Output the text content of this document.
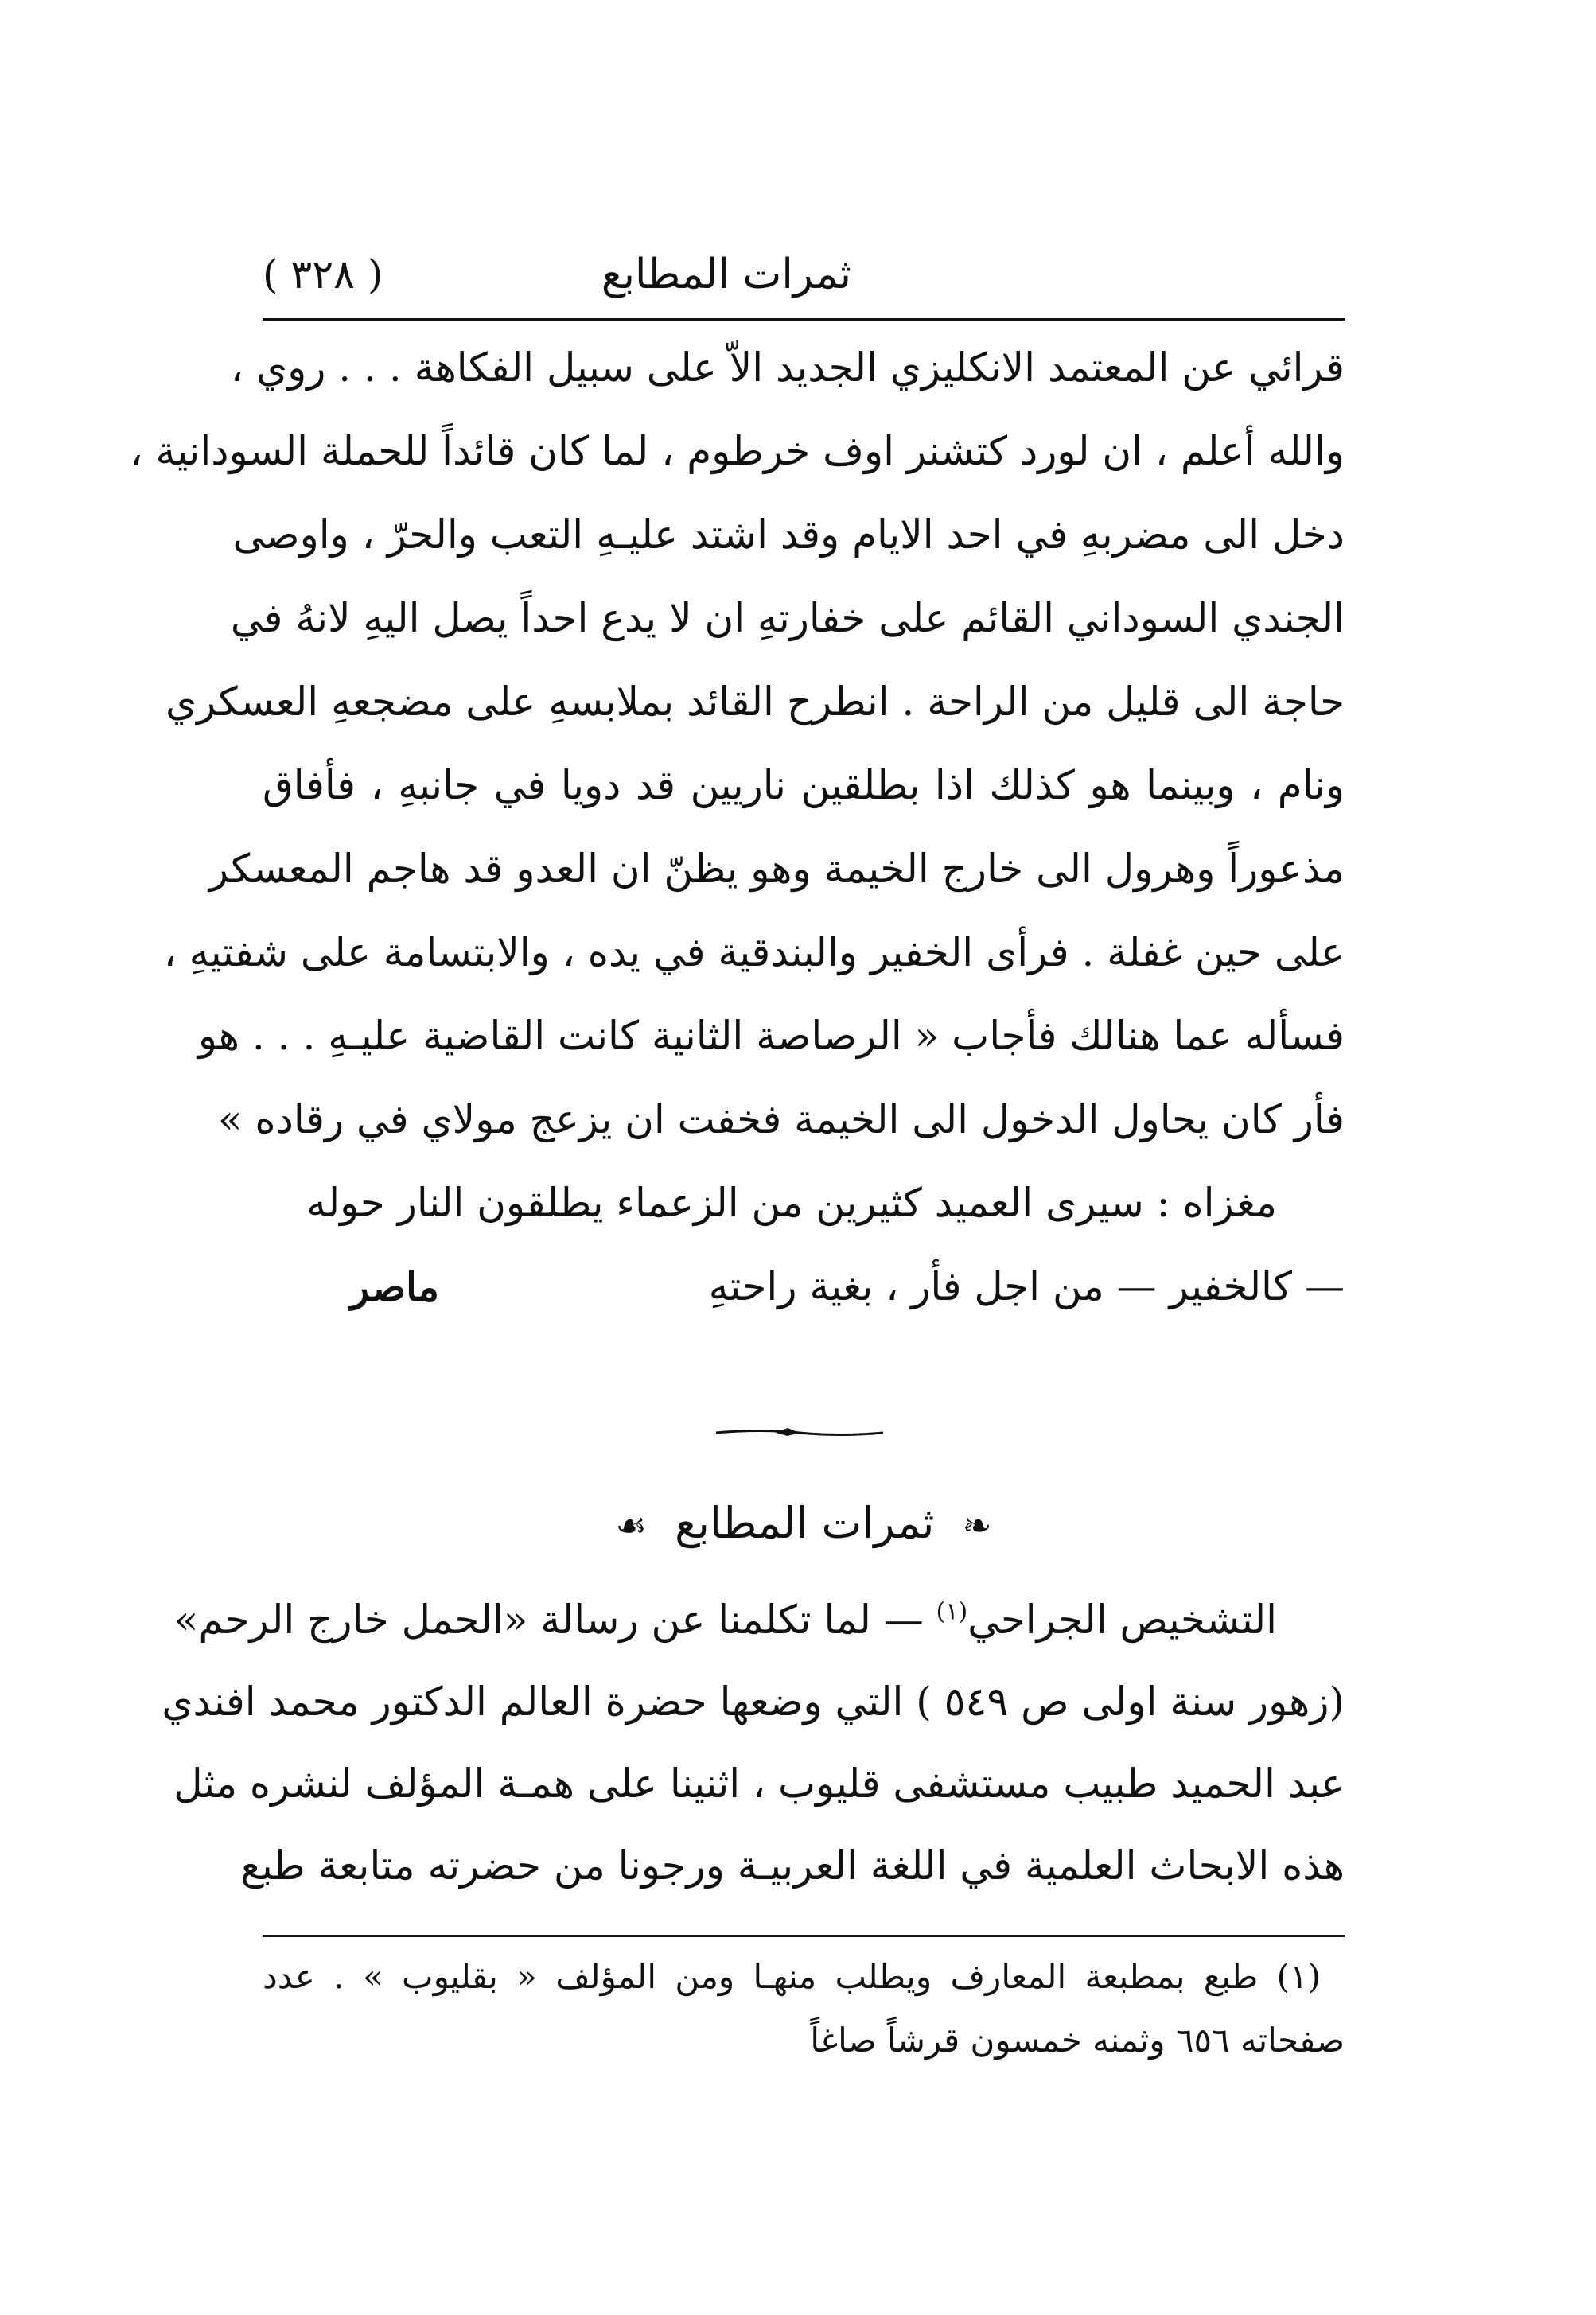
ثمرات المطابع
( ٣٢٨ )
قرائي عن المعتمد الانكليزي الجديد الاّ على سبيل الفكاهة . . . روي ،
والله أعلم ، ان لورد كتشنر اوف خرطوم ، لما كان قائداً للحملة السودانية ،
دخل الى مضربهِ في احد الايام وقد اشتد عليـهِ التعب والحرّ ، واوصى
الجندي السوداني القائم على خفارتهِ ان لا يدع احداً يصل اليهِ لانهُ في
حاجة الى قليل من الراحة . انطرح القائد بملابسهِ على مضجعهِ العسكري
ونام ، وبينما هو كذلك اذا بطلقين ناريين قد دويا في جانبهِ ، فأفاق
مذعوراً وهرول الى خارج الخيمة وهو يظنّ ان العدو قد هاجم المعسكر
على حين غفلة . فرأى الخفير والبندقية في يده ، والابتسامة على شفتيهِ ،
فسأله عما هنالك فأجاب « الرصاصة الثانية كانت القاضية عليـهِ . . . هو
فأر كان يحاول الدخول الى الخيمة فخفت ان يزعج مولاي في رقاده »
مغزاه : سيرى العميد كثيرين من الزعماء يطلقون النار حوله
— كالخفير — من اجل فأر ، بغية راحتهِ
ماصر
❧ ثمرات المطابع ☙
التشخيص الجراحي$^{(١)}$ — لما تكلمنا عن رسالة «الحمل خارج الرحم»
(زهور سنة اولى ص ٥٤٩ ) التي وضعها حضرة العالم الدكتور محمد افندي
عبد الحميد طبيب مستشفى قليوب ، اثنينا على همـة المؤلف لنشره مثل
هذه الابحاث العلمية في اللغة العربيـة ورجونا من حضرته متابعة طبع
(١) طبع بمطبعة المعارف ويطلب منهـا ومن المؤلف « بقليوب » . عدد
صفحاته ٦٥٦ وثمنه خمسون قرشاً صاغاً
